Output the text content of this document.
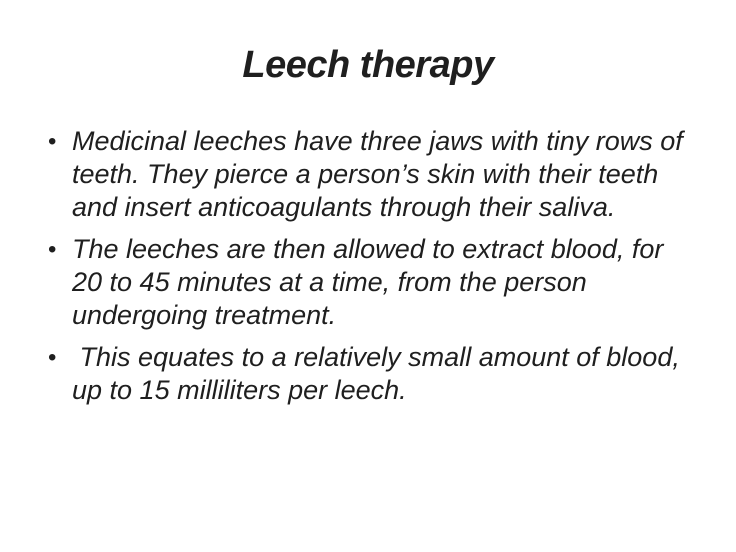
Leech therapy
• Medicinal leeches have three jaws with tiny rows of teeth. They pierce a person’s skin with their teeth and insert anticoagulants through their saliva.
• The leeches are then allowed to extract blood, for 20 to 45 minutes at a time, from the person undergoing treatment.
• This equates to a relatively small amount of blood, up to 15 milliliters per leech.
